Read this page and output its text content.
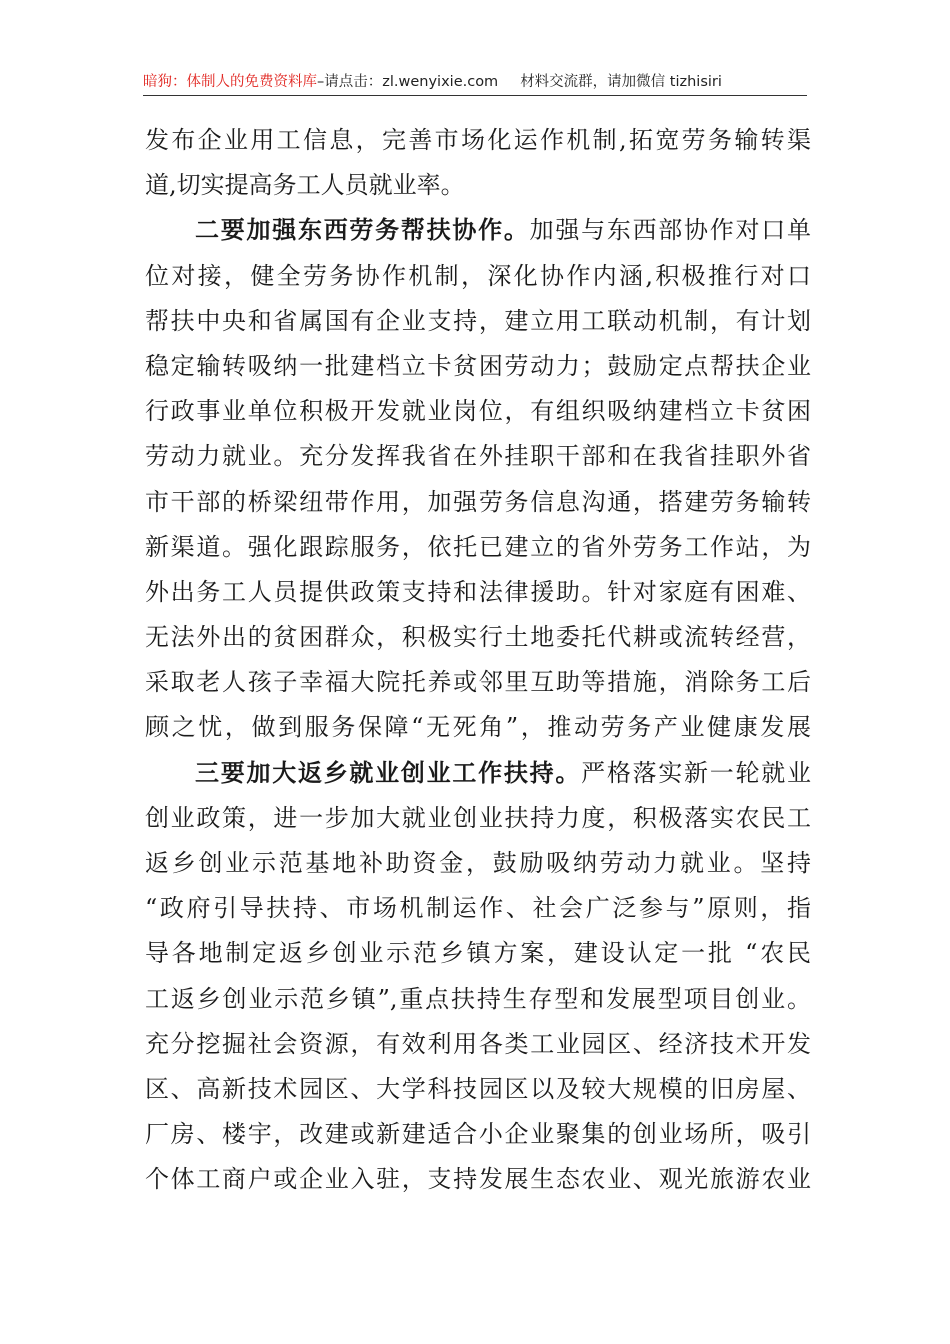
暗狗：体制人的免费资料库–请点击：zl.wenyixie.com 材料交流群，请加微信 tizhisiri
发布企业用工信息，完善市场化运作机制,拓宽劳务输转渠
道,切实提高务工人员就业率。
二要加强东西劳务帮扶协作。加强与东西部协作对口单
位对接，健全劳务协作机制，深化协作内涵,积极推行对口
帮扶中央和省属国有企业支持，建立用工联动机制，有计划
稳定输转吸纳一批建档立卡贫困劳动力；鼓励定点帮扶企业
行政事业单位积极开发就业岗位，有组织吸纳建档立卡贫困
劳动力就业。充分发挥我省在外挂职干部和在我省挂职外省
市干部的桥梁纽带作用，加强劳务信息沟通，搭建劳务输转
新渠道。强化跟踪服务，依托已建立的省外劳务工作站，为
外出务工人员提供政策支持和法律援助。针对家庭有困难、
无法外出的贫困群众，积极实行土地委托代耕或流转经营，
采取老人孩子幸福大院托养或邻里互助等措施，消除务工后
顾之忧，做到服务保障“无死角”，推动劳务产业健康发展
三要加大返乡就业创业工作扶持。严格落实新一轮就业
创业政策，进一步加大就业创业扶持力度，积极落实农民工
返乡创业示范基地补助资金，鼓励吸纳劳动力就业。坚持
“政府引导扶持、市场机制运作、社会广泛参与”原则，指
导各地制定返乡创业示范乡镇方案，建设认定一批 “农民
工返乡创业示范乡镇”,重点扶持生存型和发展型项目创业。
充分挖掘社会资源，有效利用各类工业园区、经济技术开发
区、高新技术园区、大学科技园区以及较大规模的旧房屋、
厂房、楼宇，改建或新建适合小企业聚集的创业场所，吸引
个体工商户或企业入驻，支持发展生态农业、观光旅游农业
